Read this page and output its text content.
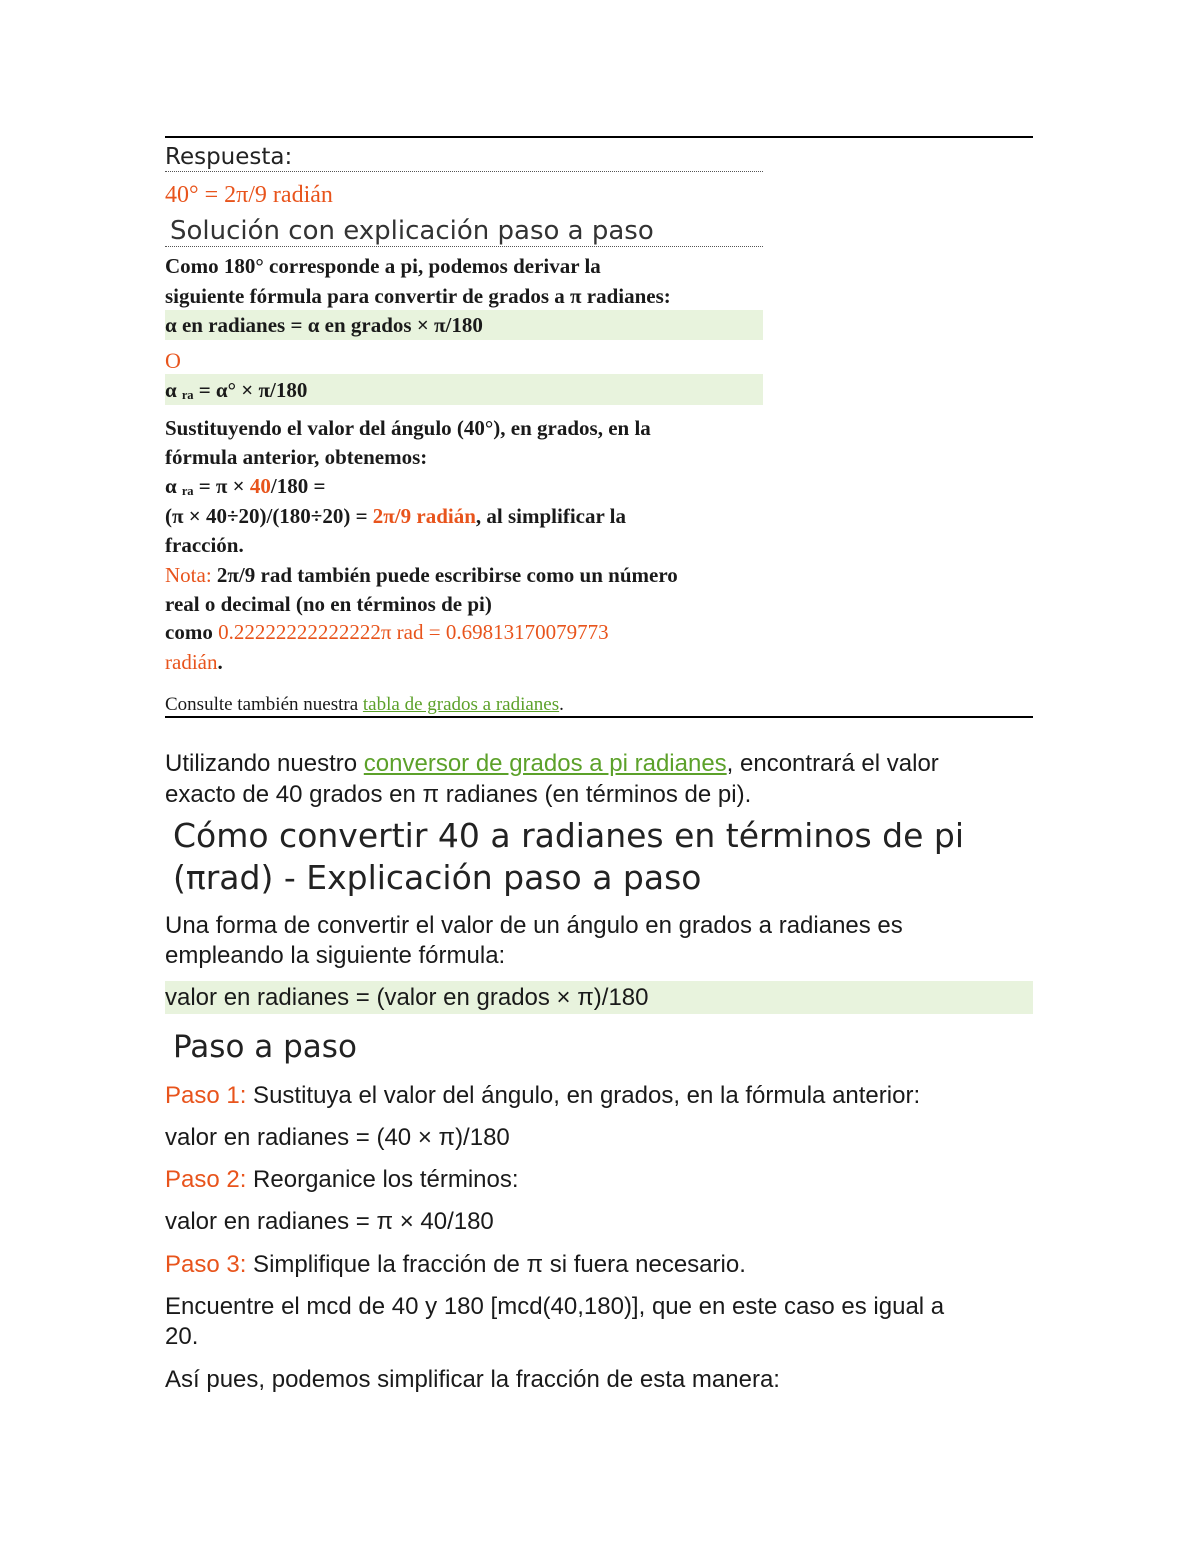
Respuesta:
40° = 2π/9 radián
Solución con explicación paso a paso
Como 180° corresponde a pi, podemos derivar la
siguiente fórmula para convertir de grados a π radianes:
α en radianes = α en grados × π/180
O
α ᵣₐ = α° × π/180
Sustituyendo el valor del ángulo (40°), en grados, en la
fórmula anterior, obtenemos:
α ᵣₐ = π × 40/180 =
(π × 40÷20)/(180÷20) = 2π/9 radián, al simplificar la
fracción.
Nota: 2π/9 rad también puede escribirse como un número
real o decimal (no en términos de pi)
como 0.22222222222222π rad = 0.69813170079773
radián.
Consulte también nuestra tabla de grados a radianes.
Utilizando nuestro conversor de grados a pi radianes, encontrará el valor
exacto de 40 grados en π radianes (en términos de pi).
Cómo convertir 40 a radianes en términos de pi
(πrad) - Explicación paso a paso
Una forma de convertir el valor de un ángulo en grados a radianes es
empleando la siguiente fórmula:
valor en radianes = (valor en grados × π)/180
Paso a paso
Paso 1: Sustituya el valor del ángulo, en grados, en la fórmula anterior:
valor en radianes = (40 × π)/180
Paso 2: Reorganice los términos:
valor en radianes = π × 40/180
Paso 3: Simplifique la fracción de π si fuera necesario.
Encuentre el mcd de 40 y 180 [mcd(40,180)], que en este caso es igual a
20.
Así pues, podemos simplificar la fracción de esta manera:
